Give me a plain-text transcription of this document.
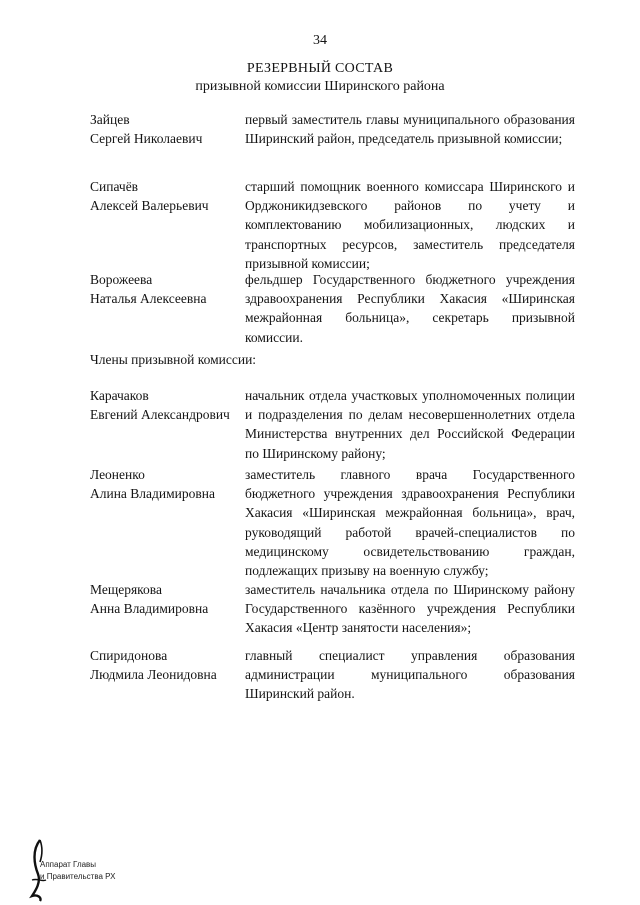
34
РЕЗЕРВНЫЙ СОСТАВ
призывной комиссии Ширинского района
Зайцев
Сергей Николаевич
первый заместитель главы муниципального образования Ширинский район, председатель призывной комиссии;
Сипачёв
Алексей Валерьевич
старший помощник военного комиссара Ширинского и Орджоникидзевского районов по учету и комплектованию мобилизационных, людских и транспортных ресурсов, заместитель председателя призывной комиссии;
Ворожеева
Наталья Алексеевна
фельдшер Государственного бюджетного учреждения здравоохранения Республики Хакасия «Ширинская межрайонная больница», секретарь призывной комиссии.
Члены призывной комиссии:
Карачаков
Евгений Александрович
начальник отдела участковых уполномоченных полиции и подразделения по делам несовершеннолетних отдела Министерства внутренних дел Российской Федерации по Ширинскому району;
Леоненко
Алина Владимировна
заместитель главного врача Государственного бюджетного учреждения здравоохранения Республики Хакасия «Ширинская межрайонная больница», врач, руководящий работой врачей-специалистов по медицинскому освидетельствованию граждан, подлежащих призыву на военную службу;
Мещерякова
Анна Владимировна
заместитель начальника отдела по Ширинскому району Государственного казённого учреждения Республики Хакасия «Центр занятости населения»;
Спиридонова
Людмила Леонидовна
главный специалист управления образования администрации муниципального образования Ширинский район.
Аппарат Главы
и Правительства РХ
